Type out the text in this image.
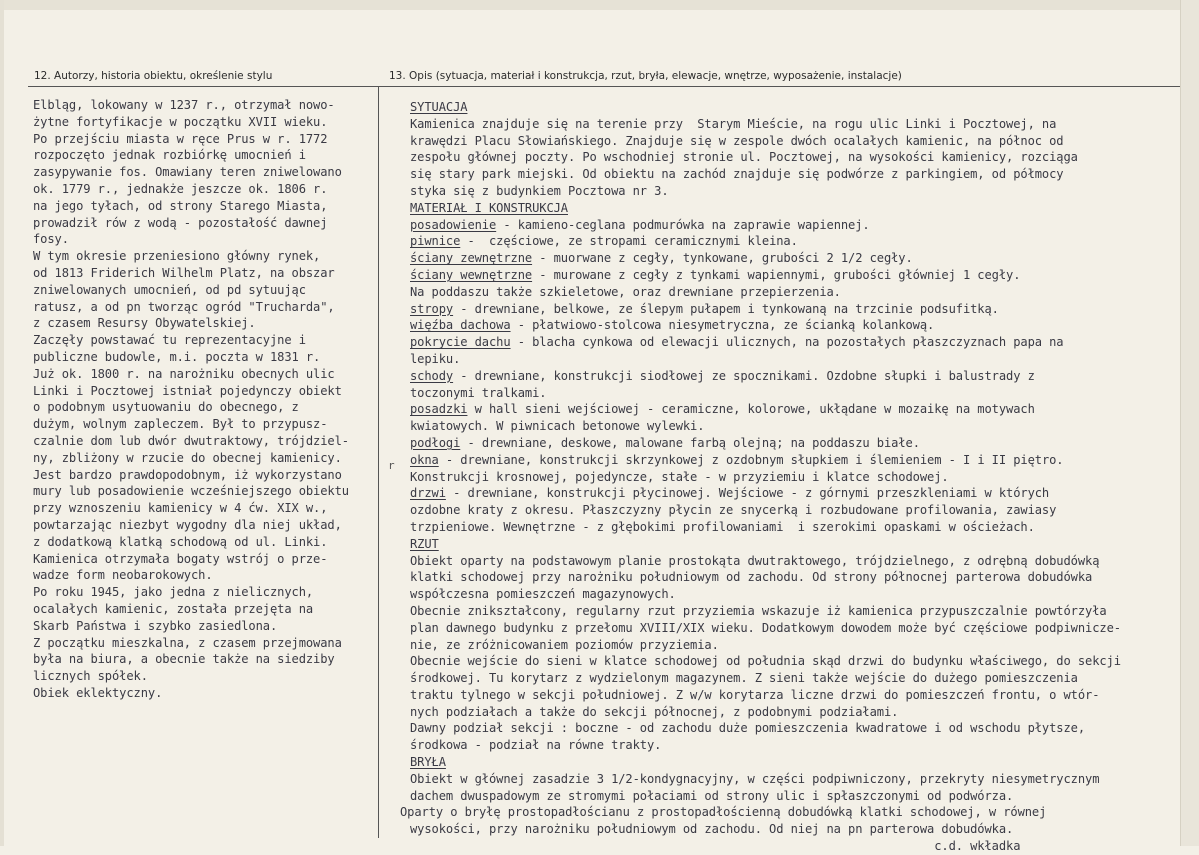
12. Autorzy, historia obiektu, określenie stylu	13. Opis (sytuacja, materiał i konstrukcja, rzut, bryła, elewacje, wnętrze, wyposażenie, instalacje)
Elbląg, lokowany w 1237 r., otrzymał nowo-
żytne fortyfikacje w początku XVII wieku.
Po przejściu miasta w ręce Prus w r. 1772
rozpoczęto jednak rozbiórkę umocnień i
zasypywanie fos. Omawiany teren zniwelowano
ok. 1779 r., jednakże jeszcze ok. 1806 r.
na jego tyłach, od strony Starego Miasta,
prowadził rów z wodą - pozostałość dawnej
fosy.
W tym okresie przeniesiono główny rynek,
od 1813 Friderich Wilhelm Platz, na obszar
zniwelowanych umocnień, od pd sytuując
ratusz, a od pn tworząc ogród "Trucharda",
z czasem Resursy Obywatelskiej.
Zaczęły powstawać tu reprezentacyjne i
publiczne budowle, m.i. poczta w 1831 r.
Już ok. 1800 r. na narożniku obecnych ulic
Linki i Pocztowej istniał pojedynczy obiekt
o podobnym usytuowaniu do obecnego, z
dużym, wolnym zapleczem. Był to przypusz-
czalnie dom lub dwór dwutraktowy, trójdziel-
ny, zbliżony w rzucie do obecnej kamienicy.
Jest bardzo prawdopodobnym, iż wykorzystano
mury lub posadowienie wcześniejszego obiektu
przy wznoszeniu kamienicy w 4 ćw. XIX w.,
powtarzając niezbyt wygodny dla niej układ,
z dodatkową klatką schodową od ul. Linki.
Kamienica otrzymała bogaty wstrój o prze-
wadze form neobarokowych.
Po roku 1945, jako jedna z nielicznych,
ocalałych kamienic, została przejęta na
Skarb Państwa i szybko zasiedlona.
Z początku mieszkalna, z czasem przejmowana
była na biura, a obecnie także na siedziby
licznych spółek.
Obiek eklektyczny.
SYTUACJA
Kamienica znajduje się na terenie przy  Starym Mieście, na rogu ulic Linki i Pocztowej, na
krawędzi Placu Słowiańskiego. Znajduje się w zespole dwóch ocalałych kamienic, na północ od
zespołu głównej poczty. Po wschodniej stronie ul. Pocztowej, na wysokości kamienicy, rozciąga
się stary park miejski. Od obiektu na zachód znajduje się podwórze z parkingiem, od półmocy
styka się z budynkiem Pocztowa nr 3.
MATERIAŁ I KONSTRUKCJA
posadowienie - kamieno-ceglana podmurówka na zaprawie wapiennej.
piwnice -  częściowe, ze stropami ceramicznymi kleina.
ściany zewnętrzne - muorwane z cegły, tynkowane, grubości 2 1/2 cegły.
ściany wewnętrzne - murowane z cegły z tynkami wapiennymi, grubości główniej 1 cegły.
Na poddaszu także szkieletowe, oraz drewniane przepierzenia.
stropy - drewniane, belkowe, ze ślepym pułapem i tynkowaną na trzcinie podsufitką.
więźba dachowa - płatwiowo-stolcowa niesymetryczna, ze ścianką kolankową.
pokrycie dachu - blacha cynkowa od elewacji ulicznych, na pozostałych płaszczyznach papa na
lepiku.
schody - drewniane, konstrukcji siodłowej ze spocznikami. Ozdobne słupki i balustrady z
toczonymi tralkami.
posadzki w hall sieni wejściowej - ceramiczne, kolorowe, ukłądane w mozaikę na motywach
kwiatowych. W piwnicach betonowe wylewki.
podłogi - drewniane, deskowe, malowane farbą olejną; na poddaszu białe.
okna - drewniane, konstrukcji skrzynkowej z ozdobnym słupkiem i ślemieniem - I i II piętro.
Konstrukcji krosnowej, pojedyncze, stałe - w przyziemiu i klatce schodowej.
drzwi - drewniane, konstrukcji płycinowej. Wejściowe - z górnymi przeszkleniami w których
ozdobne kraty z okresu. Płaszczyzny płycin ze snycerką i rozbudowane profilowania, zawiasy
trzpieniowe. Wewnętrzne - z głębokimi profilowaniami  i szerokimi opaskami w ościeżach.
RZUT
Obiekt oparty na podstawowym planie prostokąta dwutraktowego, trójdzielnego, z odrębną dobudówką
klatki schodowej przy narożniku południowym od zachodu. Od strony północnej parterowa dobudówka
współczesna pomieszczeń magazynowych.
Obecnie znikształcony, regularny rzut przyziemia wskazuje iż kamienica przypuszczalnie powtórzyła
plan dawnego budynku z przełomu XVIII/XIX wieku. Dodatkowym dowodem może być częściowe podpiwnicze-
nie, ze zróżnicowaniem poziomów przyziemia.
Obecnie wejście do sieni w klatce schodowej od południa skąd drzwi do budynku właściwego, do sekcji
środkowej. Tu korytarz z wydzielonym magazynem. Z sieni także wejście do dużego pomieszczenia
traktu tylnego w sekcji południowej. Z w/w korytarza liczne drzwi do pomieszczeń frontu, o wtór-
nych podziałach a także do sekcji północnej, z podobnymi podziałami.
Dawny podział sekcji : boczne - od zachodu duże pomieszczenia kwadratowe i od wschodu płytsze,
środkowa - podział na równe trakty.
BRYŁA
Obiekt w głównej zasadzie 3 1/2-kondygnacyjny, w części podpiwniczony, przekryty niesymetrycznym
dachem dwuspadowym ze stromymi połaciami od strony ulic i spłaszczonymi od podwórza.
Oparty o bryłę prostopadłościanu z prostopadłościenną dobudówką klatki schodowej, w równej
wysokości, przy narożniku południowym od zachodu. Od niej na pn parterowa dobudówka.
c.d. wkładka
r
